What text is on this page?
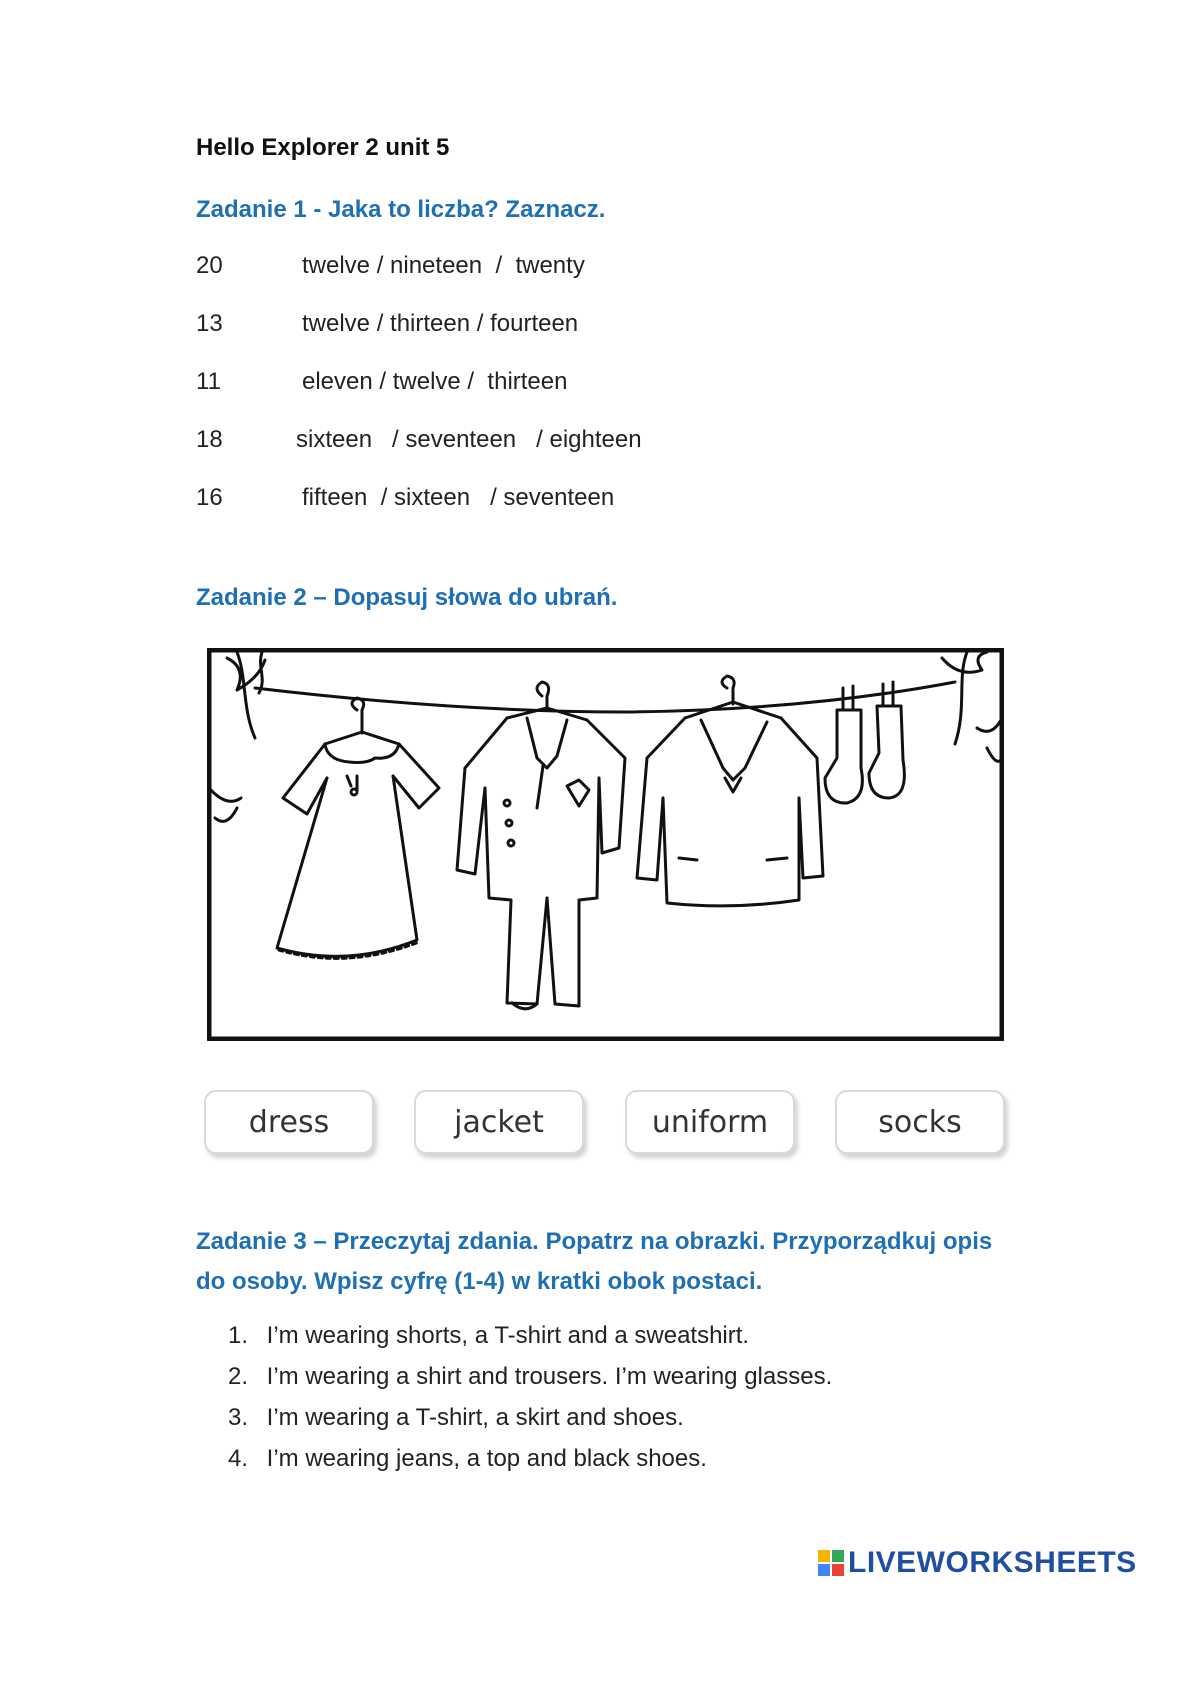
Hello Explorer 2 unit 5
Zadanie 1 - Jaka to liczba? Zaznacz.
20	twelve / nineteen  /  twenty
13	twelve / thirteen / fourteen
11	eleven / twelve /  thirteen
18	sixteen   / seventeen   / eighteen
16	fifteen  / sixteen   / seventeen
Zadanie 2 – Dopasuj słowa do ubrań.
dress	jacket	uniform	socks
Zadanie 3 – Przeczytaj zdania. Popatrz na obrazki. Przyporządkuj opis do osoby. Wpisz cyfrę (1-4) w kratki obok postaci.
1. I’m wearing shorts, a T-shirt and a sweatshirt.
2. I’m wearing a shirt and trousers. I’m wearing glasses.
3. I’m wearing a T-shirt, a skirt and shoes.
4. I’m wearing jeans, a top and black shoes.
LIVEWORKSHEETS
